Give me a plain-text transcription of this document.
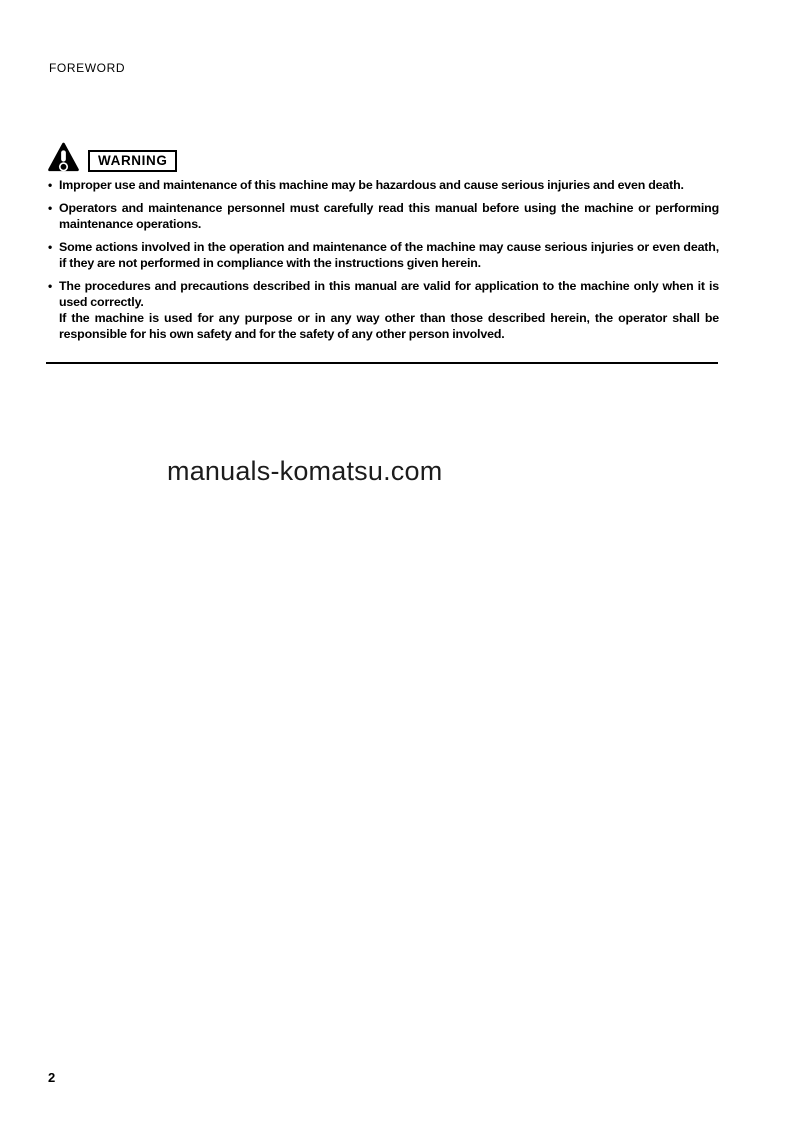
FOREWORD
WARNING
• Improper use and maintenance of this machine may be hazardous and cause serious injuries and even death.

• Operators and maintenance personnel must carefully read this manual before using the machine or performing maintenance operations.

• Some actions involved in the operation and maintenance of the machine may cause serious injuries or even death, if they are not performed in compliance with the instructions given herein.

• The procedures and precautions described in this manual are valid for application to the machine only when it is used correctly.

If the machine is used for any purpose or in any way other than those described herein, the operator shall be responsible for his own safety and for the safety of any other person involved.

manuals-komatsu.com
2
